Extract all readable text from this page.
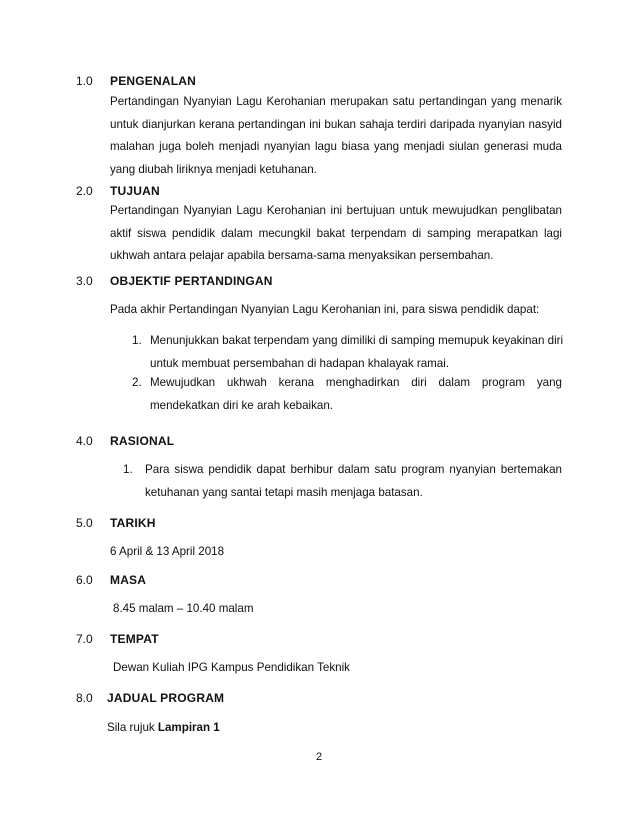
1.0 PENGENALAN
Pertandingan Nyanyian Lagu Kerohanian merupakan satu pertandingan yang menarik
untuk dianjurkan kerana pertandingan ini bukan sahaja terdiri daripada nyanyian nasyid
malahan juga boleh menjadi nyanyian lagu biasa yang menjadi siulan generasi muda
yang diubah liriknya menjadi ketuhanan.
2.0 TUJUAN
Pertandingan Nyanyian Lagu Kerohanian ini bertujuan untuk mewujudkan penglibatan
aktif siswa pendidik dalam mecungkil bakat terpendam di samping merapatkan lagi
ukhwah antara pelajar apabila bersama-sama menyaksikan persembahan.
3.0 OBJEKTIF PERTANDINGAN
Pada akhir Pertandingan Nyanyian Lagu Kerohanian ini, para siswa pendidik dapat:
1. Menunjukkan bakat terpendam yang dimiliki di samping memupuk keyakinan diri
untuk membuat persembahan di hadapan khalayak ramai.
2. Mewujudkan ukhwah kerana menghadirkan diri dalam program yang
mendekatkan diri ke arah kebaikan.
4.0 RASIONAL
1. Para siswa pendidik dapat berhibur dalam satu program nyanyian bertemakan
ketuhanan yang santai tetapi masih menjaga batasan.
5.0 TARIKH
6 April & 13 April 2018
6.0 MASA
8.45 malam – 10.40 malam
7.0 TEMPAT
Dewan Kuliah IPG Kampus Pendidikan Teknik
8.0 JADUAL PROGRAM
Sila rujuk Lampiran 1
2
